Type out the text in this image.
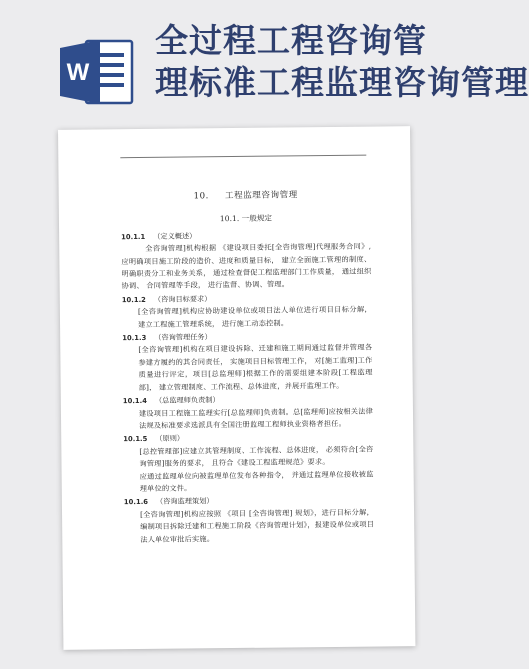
W
全过程工程咨询管
理标准工程监理咨询管理
10. 工程监理咨询管理
10.1. 一般规定
10.1.1 （定义概述）
全咨询管理]机构根据 《建设项目委托[全咨询管理]代理服务合同》, 应明确项目施工阶段的造价、进度和质量目标， 建立全面施工管理的制度、 明确职责分工和业务关系， 通过检查督促工程监理部门工作质量， 通过组织协调、 合同管理等手段， 进行监督、协调、管理。
10.1.2 （咨询目标要求）
[全咨询管理]机构应协助建设单位或项目法人单位进行项目目标分解， 建立工程施工管理系统， 进行施工动态控制。
10.1.3 （咨询管理任务）
[全咨询管理]机构在项目建设拆除、迁建和施工期间通过监督并管理各参建方履约的其合同责任， 实施项目目标管理工作， 对[施工监理]工作质量进行评定，项目[总监理师]根据工作的需要组建本阶段[工程监理部]， 建立管理制度、工作流程、总体进度，并展开监理工作。
10.1.4 （总监理师负责制）
建设项目工程施工监理实行[总监理师]负责制。总[监理师]应按相关法律法规及标准要求选派具有全国注册监理工程师执业资格者担任。
10.1.5 （原则）
[总控管理部]应建立其管理制度、工作流程、总体进度， 必须符合[全咨询管理]服务的要求， 且符合《建设工程监理规范》要求。
应通过监理单位向被监理单位发布各种指令， 并通过监理单位接收被监理单位的文件。
10.1.6 （咨询监理策划）
[全咨询管理]机构应按照 《项目 [全咨询管理] 规划》，进行目标分解， 编制项目拆除迁建和工程施工阶段《咨询管理计划》，报建设单位或项目法人单位审批后实施。
